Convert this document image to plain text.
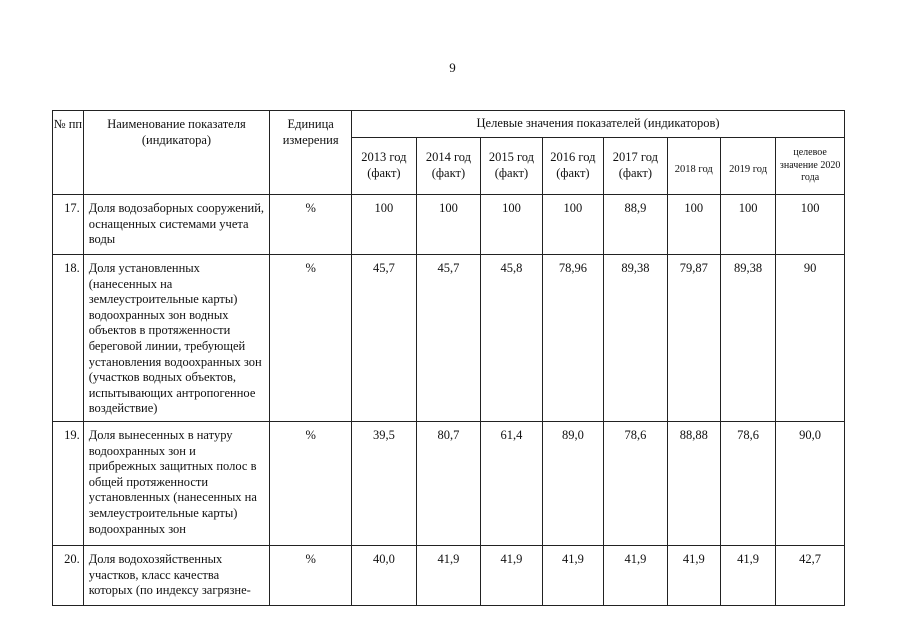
9
№ пп	Наименование показателя (индикатора)	Единица измерения	Целевые значения показателей (индикаторов)							
			2013 год (факт)	2014 год (факт)	2015 год (факт)	2016 год (факт)	2017 год (факт)	2018 год	2019 год	целевое значение 2020 года
17.	Доля водозаборных сооружений, оснащенных системами учета воды	%	100	100	100	100	88,9	100	100	100
18.	Доля установленных (нанесенных на землеустроительные карты) водоохранных зон водных объектов в протяженности береговой линии, требующей установления водоохранных зон (участков водных объектов, испытывающих антропогенное воздействие)	%	45,7	45,7	45,8	78,96	89,38	79,87	89,38	90
19.	Доля вынесенных в натуру водоохранных зон и прибрежных защитных полос в общей протяженности установленных (нанесенных на землеустроительные карты) водоохранных зон	%	39,5	80,7	61,4	89,0	78,6	88,88	78,6	90,0
20.	Доля водохозяйственных участков, класс качества которых (по индексу загрязне-	%	40,0	41,9	41,9	41,9	41,9	41,9	41,9	42,7
